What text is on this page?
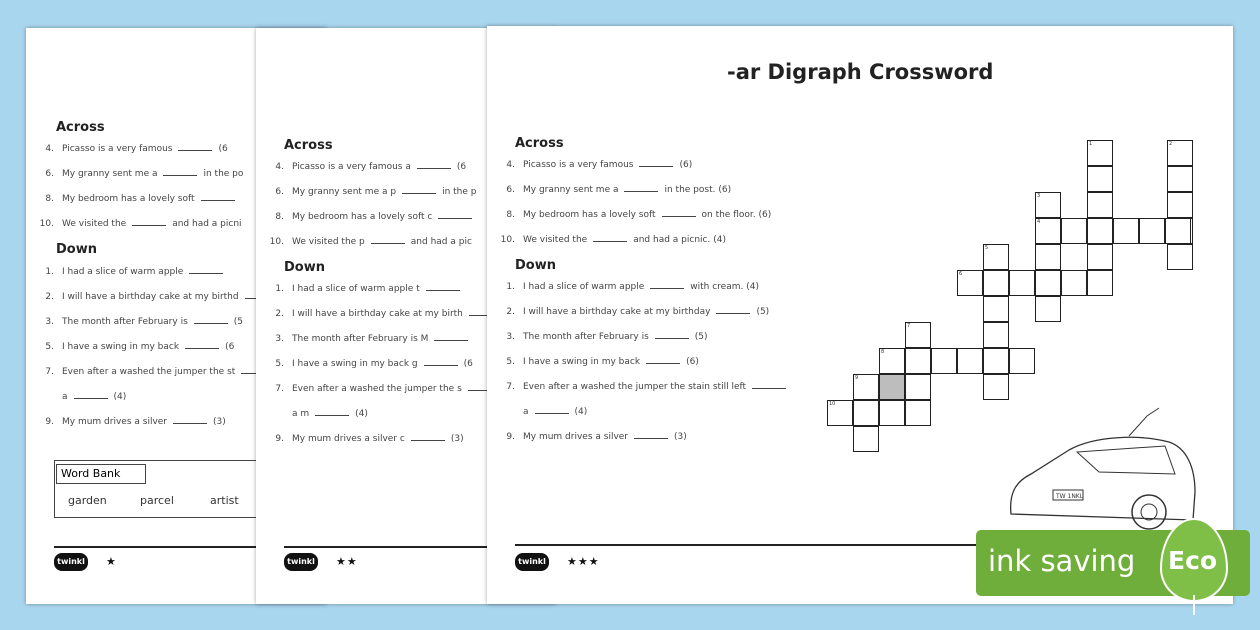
Across
4. Picasso is a very famous	(6
6. My granny sent me a	in the po
8. My bedroom has a lovely soft
10. We visited the	and had a picni
Down
1. I had a slice of warm apple
2. I will have a birthday cake at my birthd
3. The month after February is	(5
5. I have a swing in my back	(6
7. Even after a washed the jumper the st
a	(4)
9. My mum drives a silver	(3)
Word Bank
garden	parcel	artist
twinkl ★
Across
4. Picasso is a very famous a	(6
6. My granny sent me a p	in the p
8. My bedroom has a lovely soft c
10. We visited the p	and had a pic
Down
1. I had a slice of warm apple t
2. I will have a birthday cake at my birth
3. The month after February is M
5. I have a swing in my back g	(6
7. Even after a washed the jumper the s
a m	(4)
9. My mum drives a silver c	(3)
twinkl ★★
-ar Digraph Crossword
Across
4. Picasso is a very famous	(6)
6. My granny sent me a	in the post. (6)
8. My bedroom has a lovely soft	on the floor. (6)
10. We visited the	and had a picnic. (4)
Down
1. I had a slice of warm apple	with cream. (4)
2. I will have a birthday cake at my birthday	(5)
3. The month after February is	(5)
5. I have a swing in my back	(6)
7. Even after a washed the jumper the stain still left
a	(4)
9. My mum drives a silver	(3)
1	2
3
4
5
6
7
8
9
10
TW 1NKL
twinkl ★★★	ink saving Eco
